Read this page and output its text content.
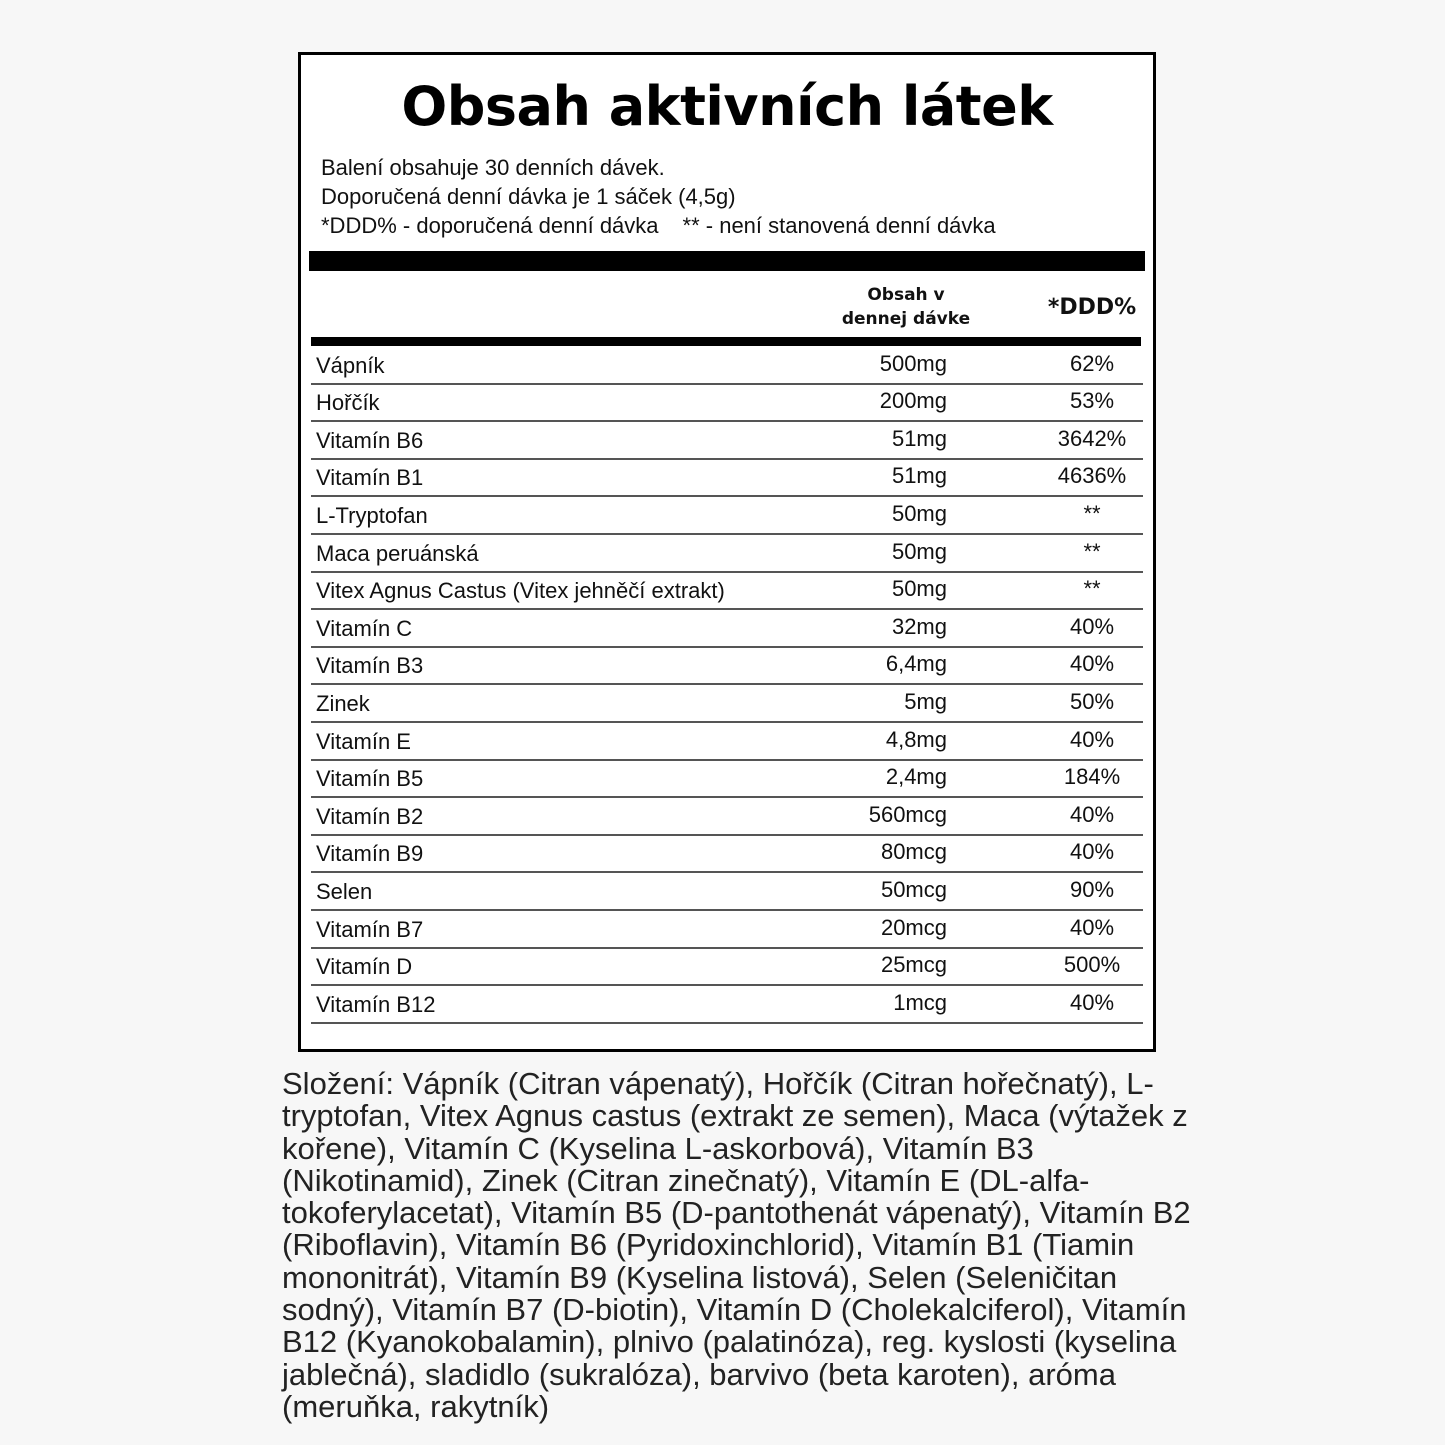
Obsah aktivních látek
Balení obsahuje 30 denních dávek.
Doporučená denní dávka je 1 sáček (4,5g)
*DDD% - doporučená denní dávka ** - není stanovená denní dávka
Obsah v
dennej dávke	*DDD%
Vápník	500mg	62%
Hořčík	200mg	53%
Vitamín B6	51mg	3642%
Vitamín B1	51mg	4636%
L-Tryptofan	50mg	**
Maca peruánská	50mg	**
Vitex Agnus Castus (Vitex jehněčí extrakt)	50mg	**
Vitamín C	32mg	40%
Vitamín B3	6,4mg	40%
Zinek	5mg	50%
Vitamín E	4,8mg	40%
Vitamín B5	2,4mg	184%
Vitamín B2	560mcg	40%
Vitamín B9	80mcg	40%
Selen	50mcg	90%
Vitamín B7	20mcg	40%
Vitamín D	25mcg	500%
Vitamín B12	1mcg	40%
Složení: Vápník (Citran vápenatý), Hořčík (Citran hořečnatý), L-tryptofan, Vitex Agnus castus (extrakt ze semen), Maca (výtažek z kořene), Vitamín C (Kyselina L-askorbová), Vitamín B3 (Nikotinamid), Zinek (Citran zinečnatý), Vitamín E (DL-alfa-tokoferylacetat), Vitamín B5 (D-pantothenát vápenatý), Vitamín B2 (Riboflavin), Vitamín B6 (Pyridoxinchlorid), Vitamín B1 (Tiamin mononitrát), Vitamín B9 (Kyselina listová), Selen (Seleničitan sodný), Vitamín B7 (D-biotin), Vitamín D (Cholekalciferol), Vitamín B12 (Kyanokobalamin), plnivo (palatinóza), reg. kyslosti (kyselina jablečná), sladidlo (sukralóza), barvivo (beta karoten), aróma (meruňka, rakytník)
